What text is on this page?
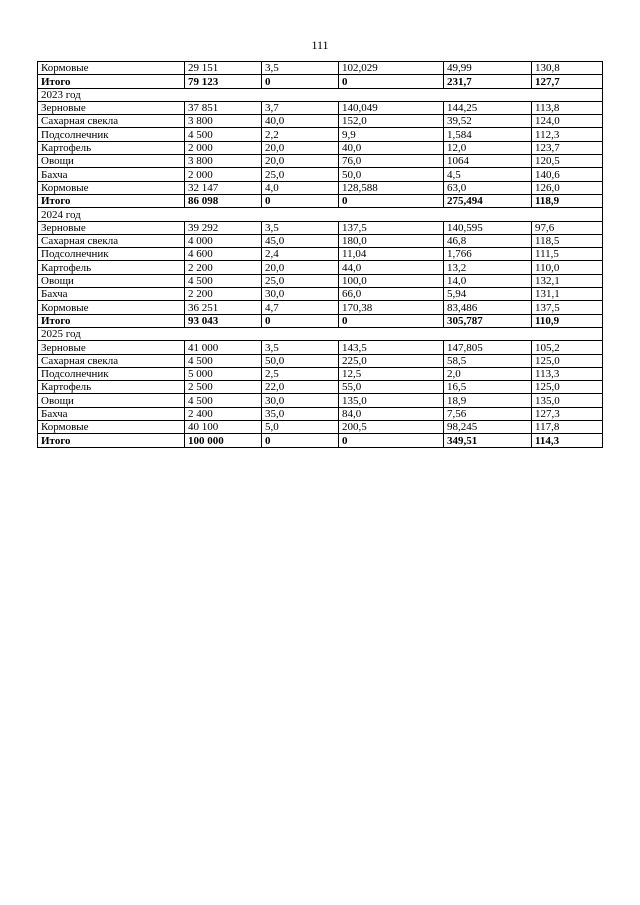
111
Кормовые	29 151	3,5	102,029	49,99	130,8
Итого	79 123	0	0	231,7	127,7
2023 год					
Зерновые	37 851	3,7	140,049	144,25	113,8
Сахарная свекла	3 800	40,0	152,0	39,52	124,0
Подсолнечник	4 500	2,2	9,9	1,584	112,3
Картофель	2 000	20,0	40,0	12,0	123,7
Овощи	3 800	20,0	76,0	1064	120,5
Бахча	2 000	25,0	50,0	4,5	140,6
Кормовые	32 147	4,0	128,588	63,0	126,0
Итого	86 098	0	0	275,494	118,9
2024 год					
Зерновые	39 292	3,5	137,5	140,595	97,6
Сахарная свекла	4 000	45,0	180,0	46,8	118,5
Подсолнечник	4 600	2,4	11,04	1,766	111,5
Картофель	2 200	20,0	44,0	13,2	110,0
Овощи	4 500	25,0	100,0	14,0	132,1
Бахча	2 200	30,0	66,0	5,94	131,1
Кормовые	36 251	4,7	170,38	83,486	137,5
Итого	93 043	0	0	305,787	110,9
2025 год					
Зерновые	41 000	3,5	143,5	147,805	105,2
Сахарная свекла	4 500	50,0	225,0	58,5	125,0
Подсолнечник	5 000	2,5	12,5	2,0	113,3
Картофель	2 500	22,0	55,0	16,5	125,0
Овощи	4 500	30,0	135,0	18,9	135,0
Бахча	2 400	35,0	84,0	7,56	127,3
Кормовые	40 100	5,0	200,5	98,245	117,8
Итого	100 000	0	0	349,51	114,3
